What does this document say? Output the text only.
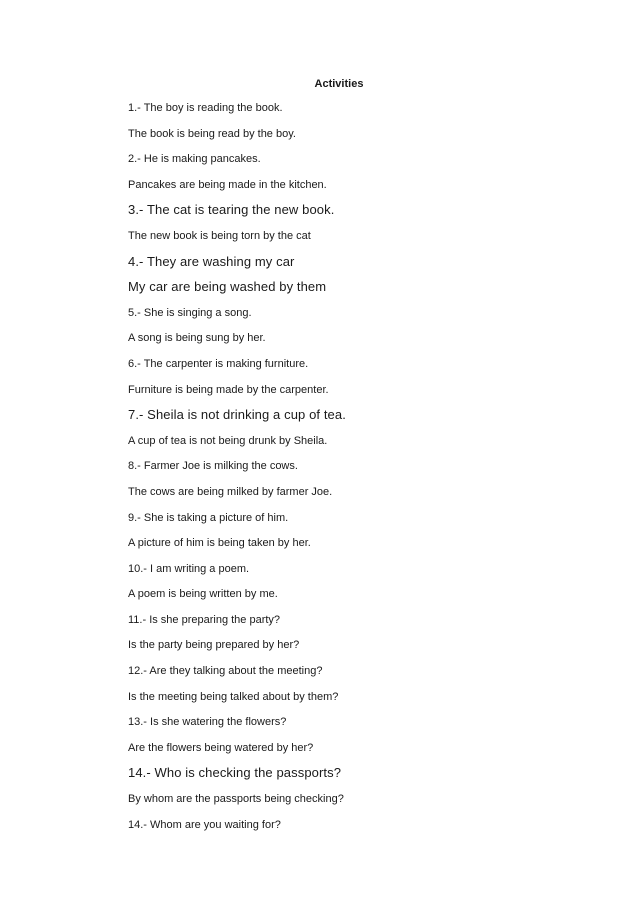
Activities
1.- The boy is reading the book.
The book is being read by the boy.
2.- He is making pancakes.
Pancakes are being made in the kitchen.
3.- The cat is tearing the new book.
The new book is being torn by the cat
4.- They are washing my car
My car are being washed by them
5.- She is singing a song.
A song is being sung by her.
6.- The carpenter is making furniture.
Furniture is being made by the carpenter.
7.- Sheila is not drinking a cup of tea.
A cup of tea is not being drunk by Sheila.
8.- Farmer Joe is milking the cows.
The cows are being milked by farmer Joe.
9.- She is taking a picture of him.
A picture of him is being taken by her.
10.- I am writing a poem.
A poem is being written by me.
11.- Is she preparing the party?
Is the party being prepared by her?
12.- Are they talking about the meeting?
Is the meeting being talked about by them?
13.- Is she watering the flowers?
Are the flowers being watered by her?
14.- Who is checking the passports?
By whom are the passports being checking?
14.- Whom are you waiting for?
